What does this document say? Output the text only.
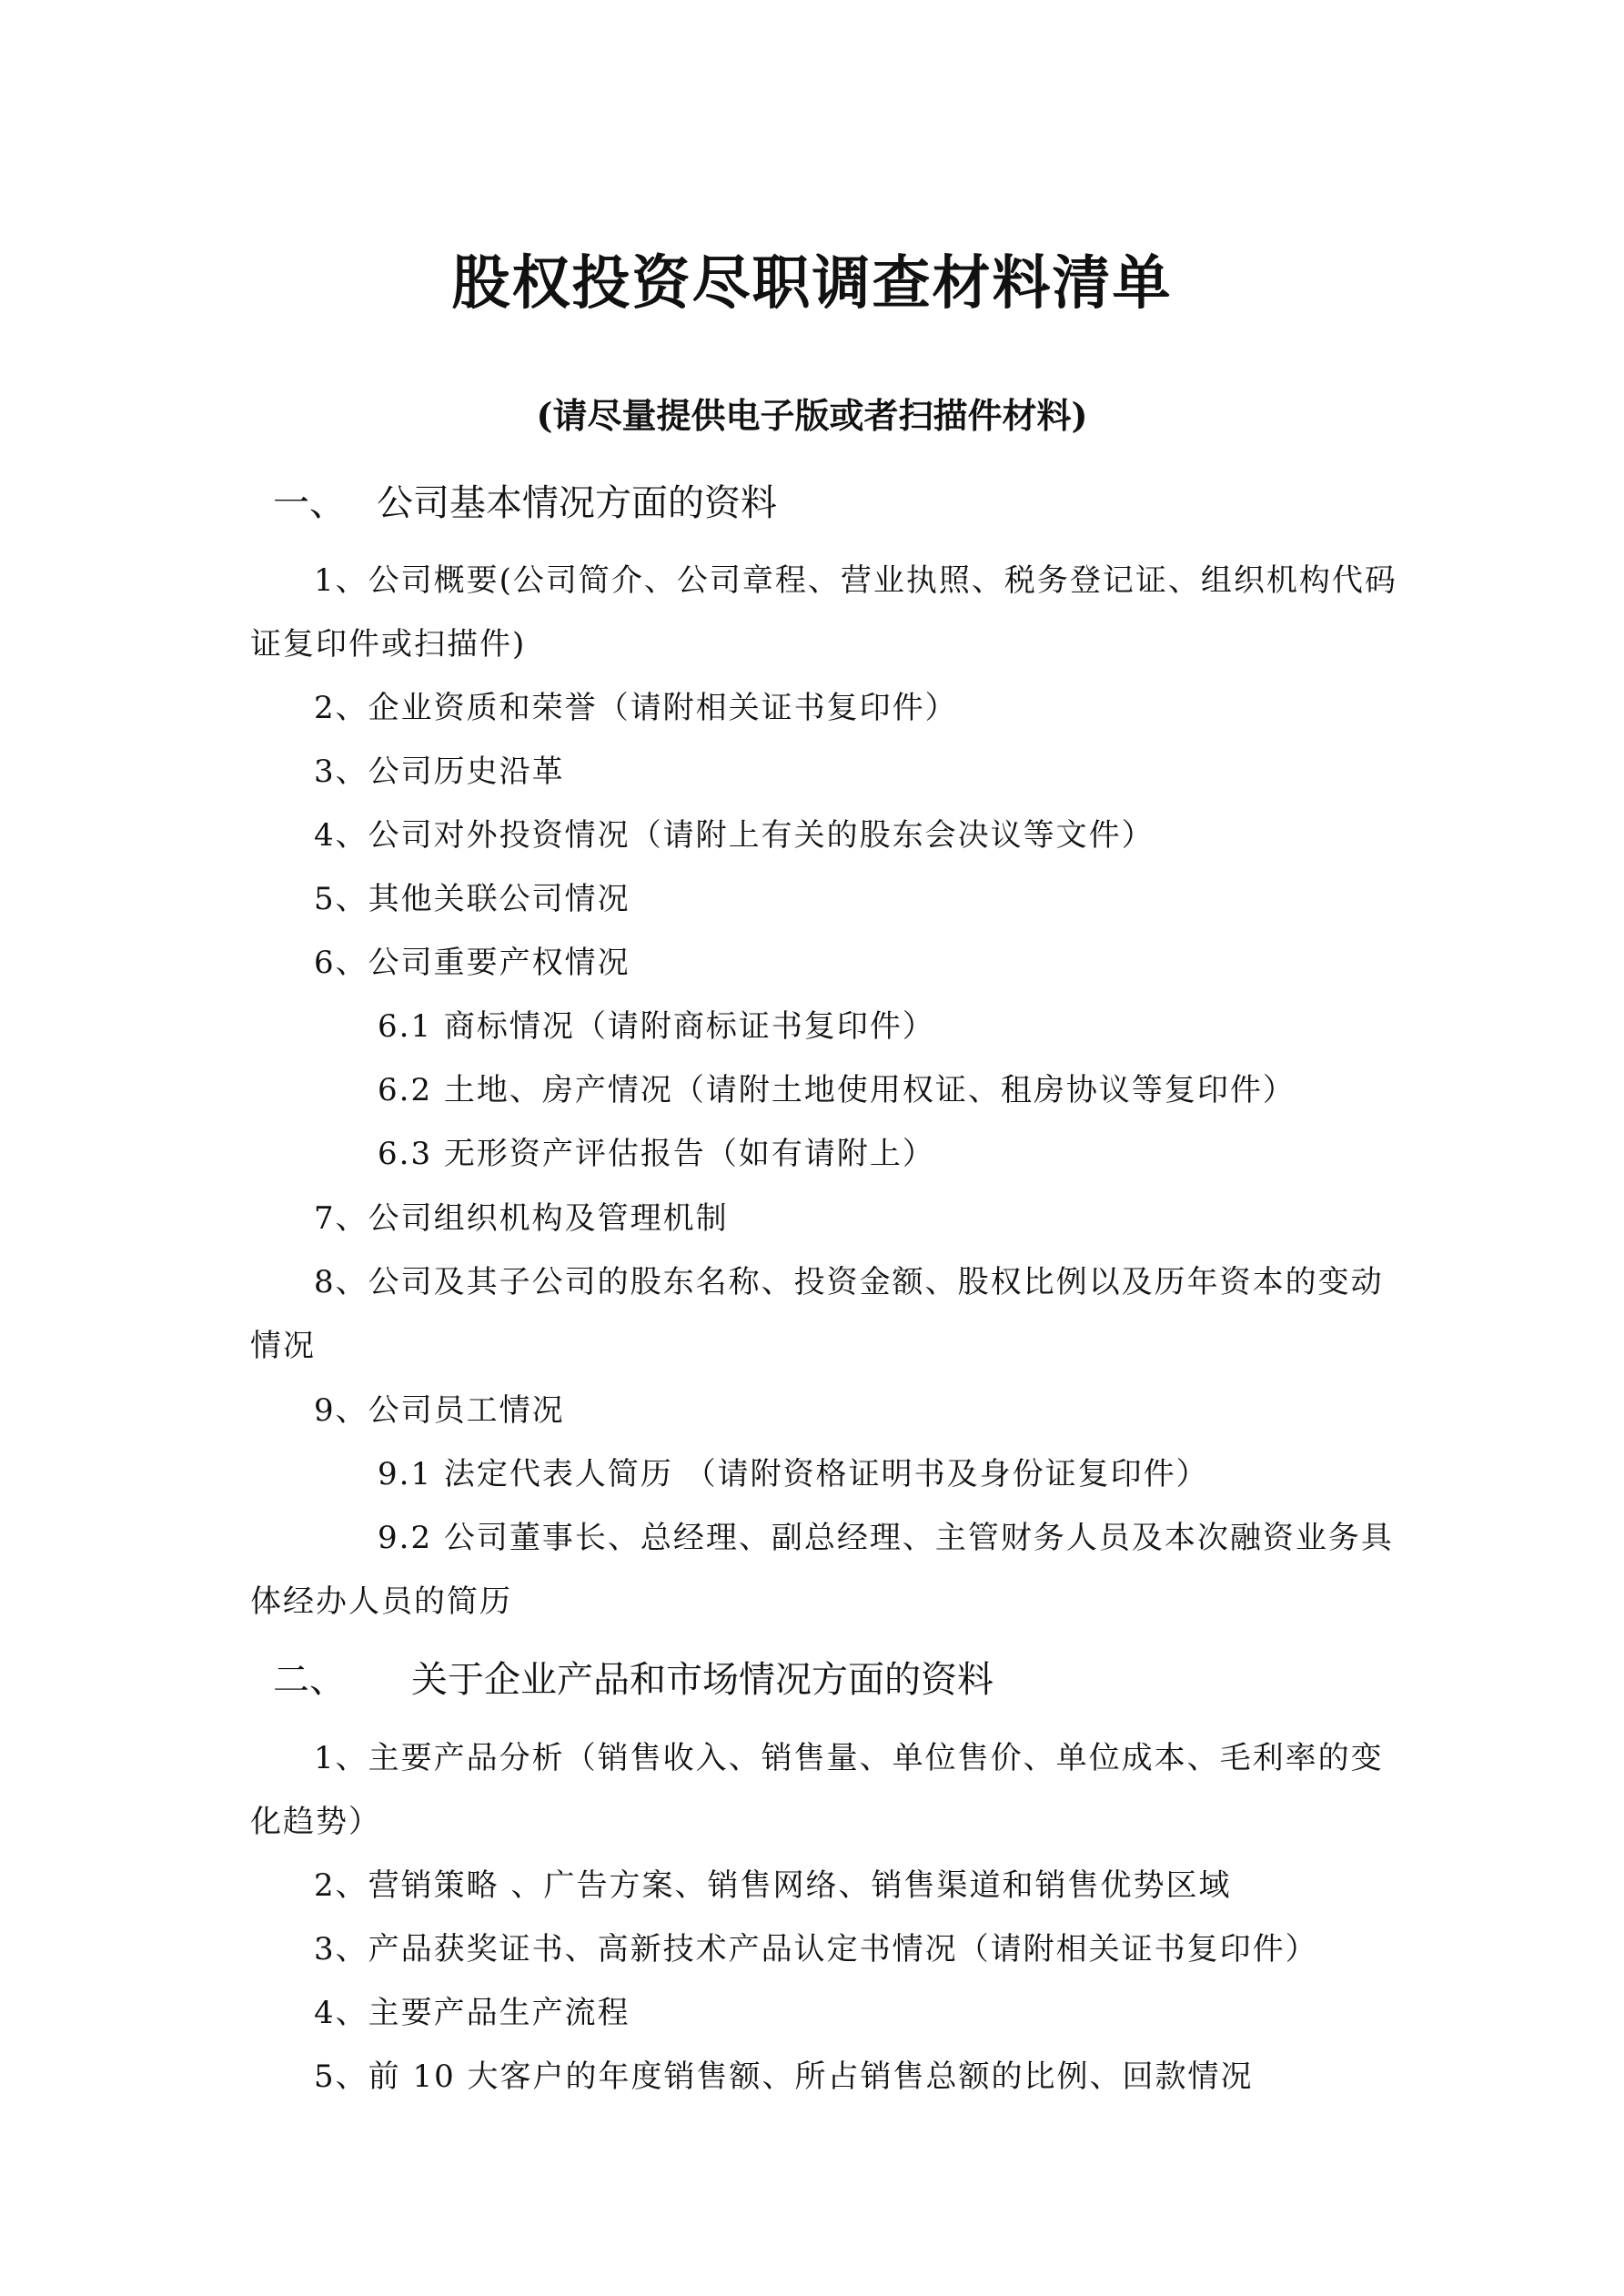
股权投资尽职调查材料清单

(请尽量提供电子版或者扫描件材料)

一、 公司基本情况方面的资料

1、公司概要(公司简介、公司章程、营业执照、税务登记证、组织机构代码

证复印件或扫描件)

2、企业资质和荣誉（请附相关证书复印件）

3、公司历史沿革

4、公司对外投资情况（请附上有关的股东会决议等文件）

5、其他关联公司情况

6、公司重要产权情况

6.1 商标情况（请附商标证书复印件）

6.2 土地、房产情况（请附土地使用权证、租房协议等复印件）

6.3 无形资产评估报告（如有请附上）

7、公司组织机构及管理机制

8、公司及其子公司的股东名称、投资金额、股权比例以及历年资本的变动

情况

9、公司员工情况

9.1 法定代表人简历 （请附资格证明书及身份证复印件）

9.2 公司董事长、总经理、副总经理、主管财务人员及本次融资业务具

体经办人员的简历

二、 关于企业产品和市场情况方面的资料

1、主要产品分析（销售收入、销售量、单位售价、单位成本、毛利率的变

化趋势）

2、营销策略 、广告方案、销售网络、销售渠道和销售优势区域

3、产品获奖证书、高新技术产品认定书情况（请附相关证书复印件）

4、主要产品生产流程

5、前 10 大客户的年度销售额、所占销售总额的比例、回款情况
